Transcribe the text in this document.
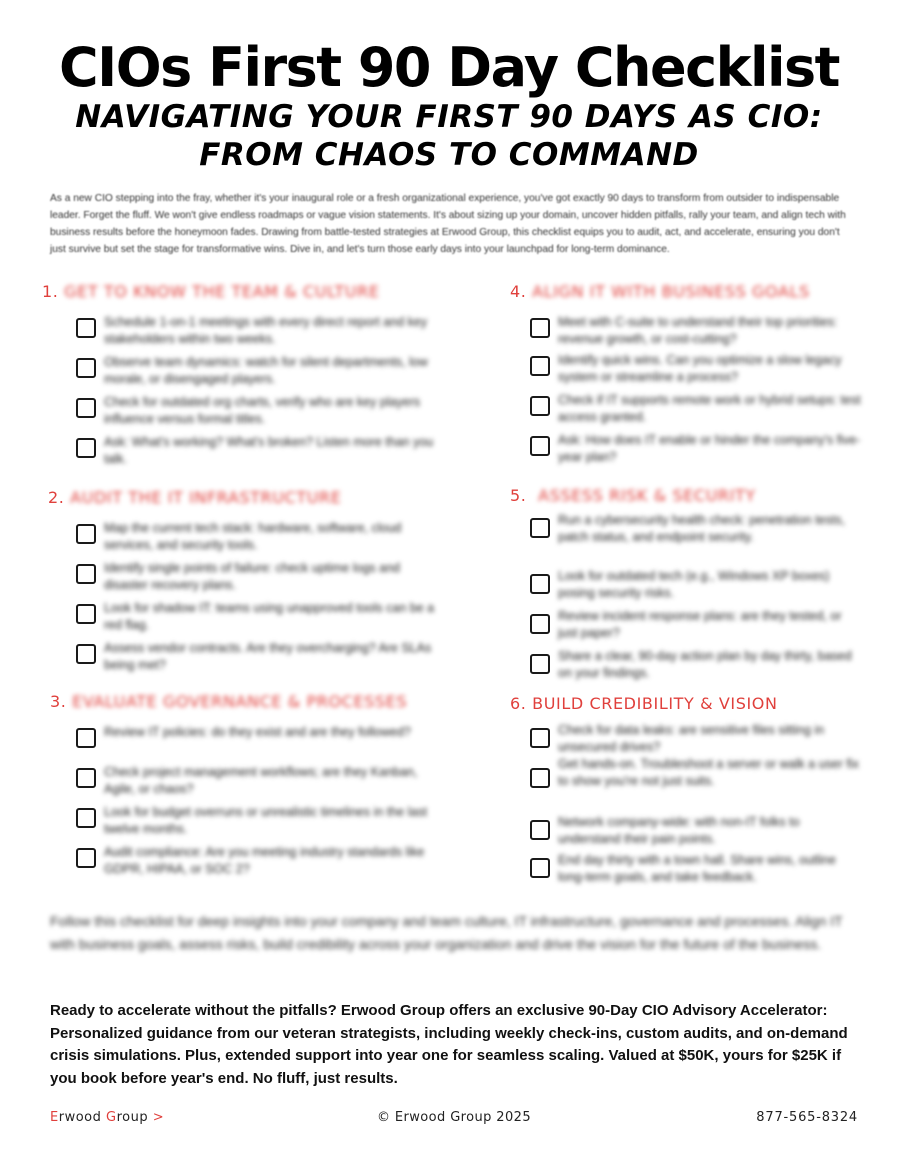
CIOs First 90 Day Checklist
NAVIGATING YOUR FIRST 90 DAYS AS CIO:
FROM CHAOS TO COMMAND
As a new CIO stepping into the fray, whether it's your inaugural role or a fresh organizational experience, you've got exactly 90 days to transform from outsider to indispensable leader. Forget the fluff. We won't give endless roadmaps or vague vision statements. It's about sizing up your domain, uncover hidden pitfalls, rally your team, and align tech with business results before the honeymoon fades. Drawing from battle-tested strategies at Erwood Group, this checklist equips you to audit, act, and accelerate, ensuring you don't just survive but set the stage for transformative wins. Dive in, and let's turn those early days into your launchpad for long-term dominance.
1. GET TO KNOW THE TEAM & CULTURE
Schedule 1-on-1 meetings with every direct report and key stakeholders within two weeks.
Observe team dynamics: watch for silent departments, low morale, or disengaged players.
Check for outdated org charts, verify who are key players influence versus formal titles.
Ask: What's working? What's broken? Listen more than you talk.
2. AUDIT THE IT INFRASTRUCTURE
Map the current tech stack: hardware, software, cloud services, and security tools.
Identify single points of failure: check uptime logs and disaster recovery plans.
Look for shadow IT: teams using unapproved tools can be a red flag.
Assess vendor contracts. Are they overcharging? Are SLAs being met?
3. EVALUATE GOVERNANCE & PROCESSES
Review IT policies: do they exist and are they followed?
Check project management workflows; are they Kanban, Agile, or chaos?
Look for budget overruns or unrealistic timelines in the last twelve months.
Audit compliance: Are you meeting industry standards like GDPR, HIPAA, or SOC 2?
4. ALIGN IT WITH BUSINESS GOALS
Meet with C-suite to understand their top priorities: revenue growth, or cost-cutting?
Identify quick wins. Can you optimize a slow legacy system or streamline a process?
Check if IT supports remote work or hybrid setups: test access granted.
Ask: How does IT enable or hinder the company's five-year plan?
5. ASSESS RISK & SECURITY
Run a cybersecurity health check: penetration tests, patch status, and endpoint security.
Look for outdated tech (e.g., Windows XP boxes) posing security risks.
Review incident response plans: are they tested, or just paper?
Share a clear, 90-day action plan by day thirty, based on your findings.
6. BUILD CREDIBILITY & VISION
Check for data leaks: are sensitive files sitting in unsecured drives?
Get hands-on. Troubleshoot a server or walk a user fix to show you're not just suits.
Network company-wide: with non-IT folks to understand their pain points.
End day thirty with a town hall. Share wins, outline long-term goals, and take feedback.
Follow this checklist for deep insights into your company and team culture, IT infrastructure, governance and processes. Align IT with business goals, assess risks, build credibility across your organization and drive the vision for the future of the business.
Ready to accelerate without the pitfalls? Erwood Group offers an exclusive 90-Day CIO Advisory Accelerator: Personalized guidance from our veteran strategists, including weekly check-ins, custom audits, and on-demand crisis simulations. Plus, extended support into year one for seamless scaling. Valued at $50K, yours for $25K if you book before year's end. No fluff, just results.
Erwood Group >	© Erwood Group 2025	877-565-8324
